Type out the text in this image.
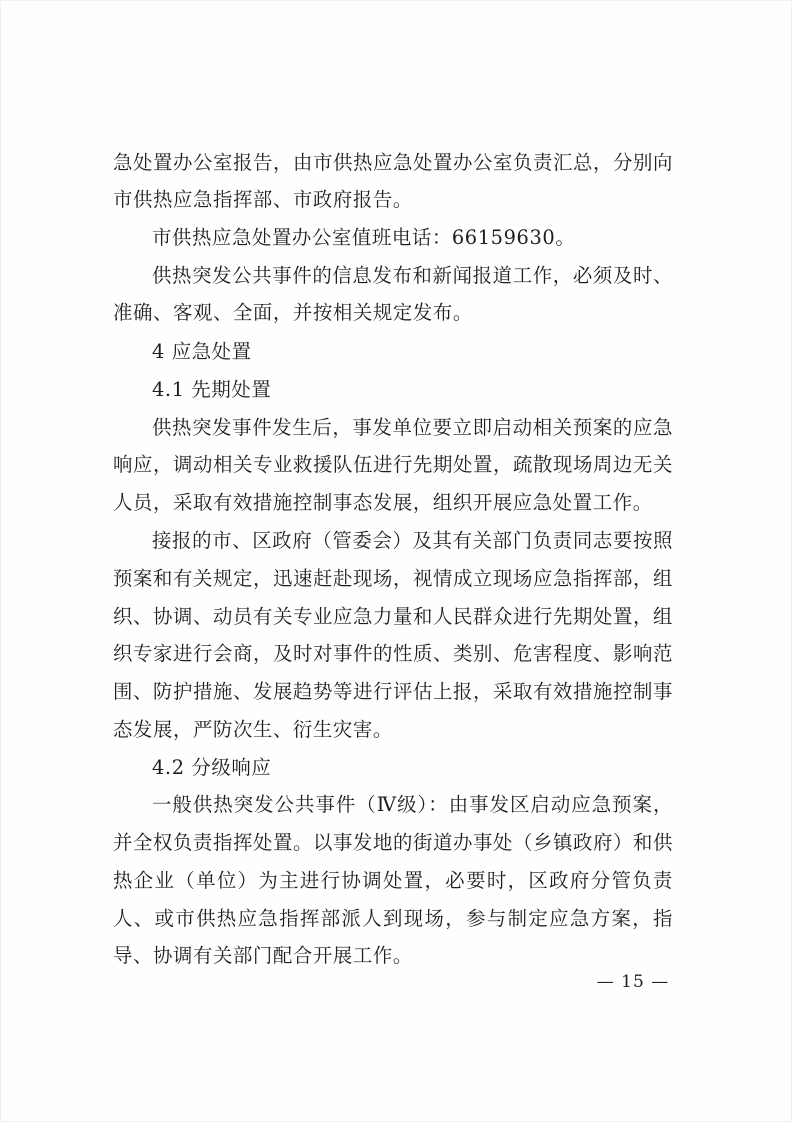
急处置办公室报告，由市供热应急处置办公室负责汇总，分别向
市供热应急指挥部、市政府报告。
市供热应急处置办公室值班电话：66159630。
供热突发公共事件的信息发布和新闻报道工作，必须及时、
准确、客观、全面，并按相关规定发布。
4 应急处置
4.1 先期处置
供热突发事件发生后，事发单位要立即启动相关预案的应急
响应，调动相关专业救援队伍进行先期处置，疏散现场周边无关
人员，采取有效措施控制事态发展，组织开展应急处置工作。
接报的市、区政府（管委会）及其有关部门负责同志要按照
预案和有关规定，迅速赶赴现场，视情成立现场应急指挥部，组
织、协调、动员有关专业应急力量和人民群众进行先期处置，组
织专家进行会商，及时对事件的性质、类别、危害程度、影响范
围、防护措施、发展趋势等进行评估上报，采取有效措施控制事
态发展，严防次生、衍生灾害。
4.2 分级响应
一般供热突发公共事件（Ⅳ级）：由事发区启动应急预案，
并全权负责指挥处置。以事发地的街道办事处（乡镇政府）和供
热企业（单位）为主进行协调处置，必要时，区政府分管负责
人、或市供热应急指挥部派人到现场，参与制定应急方案，指
导、协调有关部门配合开展工作。
— 15 —
